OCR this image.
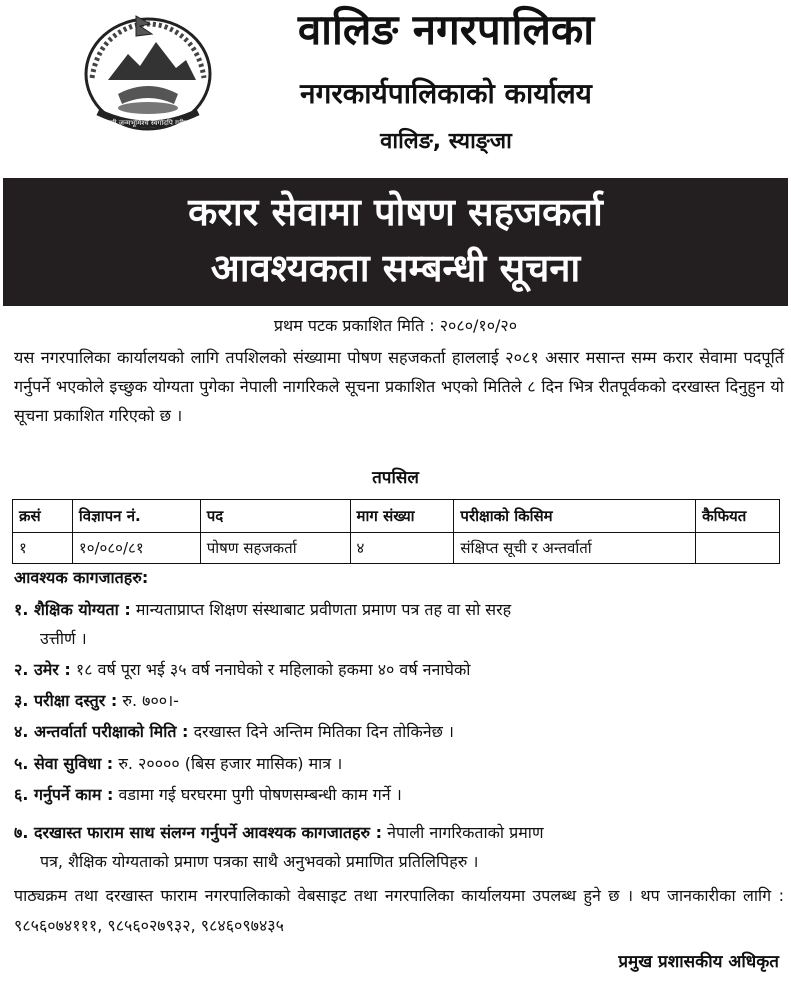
जननी जन्मभूमिश्च स्वर्गादपि गरीयसी
वालिङ नगरपालिका
नगरकार्यपालिकाको कार्यालय
वालिङ, स्याङ्जा
करार सेवामा पोषण सहजकर्ता
आवश्यकता सम्बन्धी सूचना
प्रथम पटक प्रकाशित मिति : २०८०/१०/२०
यस नगरपालिका कार्यालयको लागि तपशिलको संख्यामा पोषण सहजकर्ता हाललाई २०८१ असार मसान्त सम्म करार सेवामा पदपूर्ति गर्नुपर्ने भएकोले इच्छुक योग्यता पुगेका नेपाली नागरिकले सूचना प्रकाशित भएको मितिले ८ दिन भित्र रीतपूर्वकको दरखास्त दिनुहुन यो सूचना प्रकाशित गरिएको छ ।
तपसिल
क्रसं	विज्ञापन नं.	पद	माग संख्या	परीक्षाको किसिम	कैफियत
१	१०/०८०/८१	पोषण सहजकर्ता	४	संक्षिप्त सूची र अन्तर्वार्ता	
आवश्यक कागजातहरु:
१. शैक्षिक योग्यता : मान्यताप्राप्त शिक्षण संस्थाबाट प्रवीणता प्रमाण पत्र तह वा सो सरह
उत्तीर्ण ।
२. उमेर : १८ वर्ष पूरा भई ३५ वर्ष ननाघेको र महिलाको हकमा ४० वर्ष ननाघेको
३. परीक्षा दस्तुर : रु. ७००।-
४. अन्तर्वार्ता परीक्षाको मिति : दरखास्त दिने अन्तिम मितिका दिन तोकिनेछ ।
५. सेवा सुविधा : रु. २०००० (बिस हजार मासिक) मात्र ।
६. गर्नुपर्ने काम : वडामा गई घरघरमा पुगी पोषणसम्बन्धी काम गर्ने ।
७. दरखास्त फाराम साथ संलग्न गर्नुपर्ने आवश्यक कागजातहरु : नेपाली नागरिकताको प्रमाण
पत्र, शैक्षिक योग्यताको प्रमाण पत्रका साथै अनुभवको प्रमाणित प्रतिलिपिहरु ।
पाठ्यक्रम तथा दरखास्त फाराम नगरपालिकाको वेबसाइट तथा नगरपालिका कार्यालयमा उपलब्ध हुने छ । थप जानकारीका लागि : ९८५६०७४१११, ९८५६०२७९३२, ९८४६०९७४३५
प्रमुख प्रशासकीय अधिकृत
